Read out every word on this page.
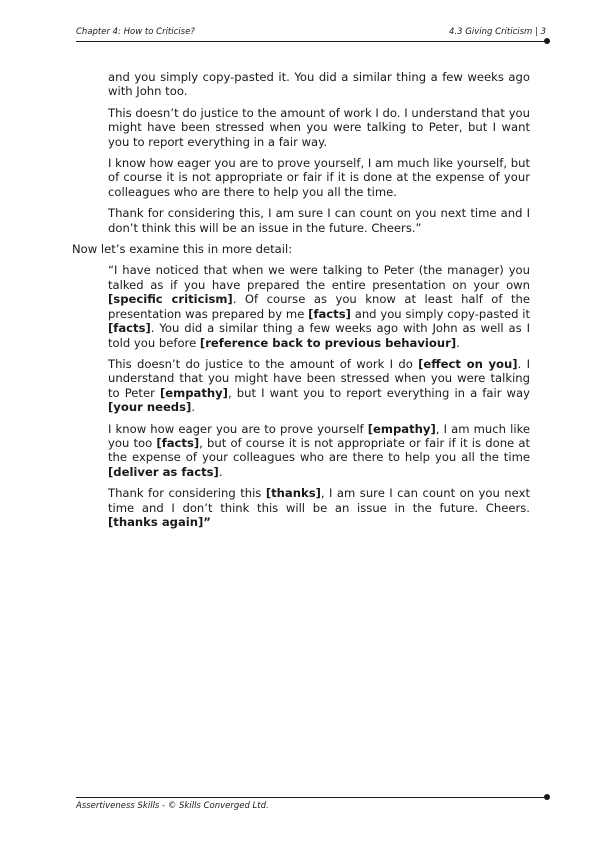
Chapter 4: How to Criticise?	4.3 Giving Criticism | 3

and you simply copy-pasted it. You did a similar thing a few weeks ago with John too.

This doesn’t do justice to the amount of work I do. I understand that you might have been stressed when you were talking to Peter, but I want you to report everything in a fair way.

I know how eager you are to prove yourself, I am much like yourself, but of course it is not appropriate or fair if it is done at the expense of your colleagues who are there to help you all the time.

Thank for considering this, I am sure I can count on you next time and I don’t think this will be an issue in the future. Cheers.”

Now let’s examine this in more detail:

“I have noticed that when we were talking to Peter (the manager) you talked as if you have prepared the entire presentation on your own [specific criticism]. Of course as you know at least half of the presentation was prepared by me [facts] and you simply copy-pasted it [facts]. You did a similar thing a few weeks ago with John as well as I told you before [reference back to previous behaviour].

This doesn’t do justice to the amount of work I do [effect on you]. I understand that you might have been stressed when you were talking to Peter [empathy], but I want you to report everything in a fair way [your needs].

I know how eager you are to prove yourself [empathy], I am much like you too [facts], but of course it is not appropriate or fair if it is done at the expense of your colleagues who are there to help you all the time [deliver as facts].

Thank for considering this [thanks], I am sure I can count on you next time and I don’t think this will be an issue in the future. Cheers. [thanks again]”

Assertiveness Skills - © Skills Converged Ltd.
